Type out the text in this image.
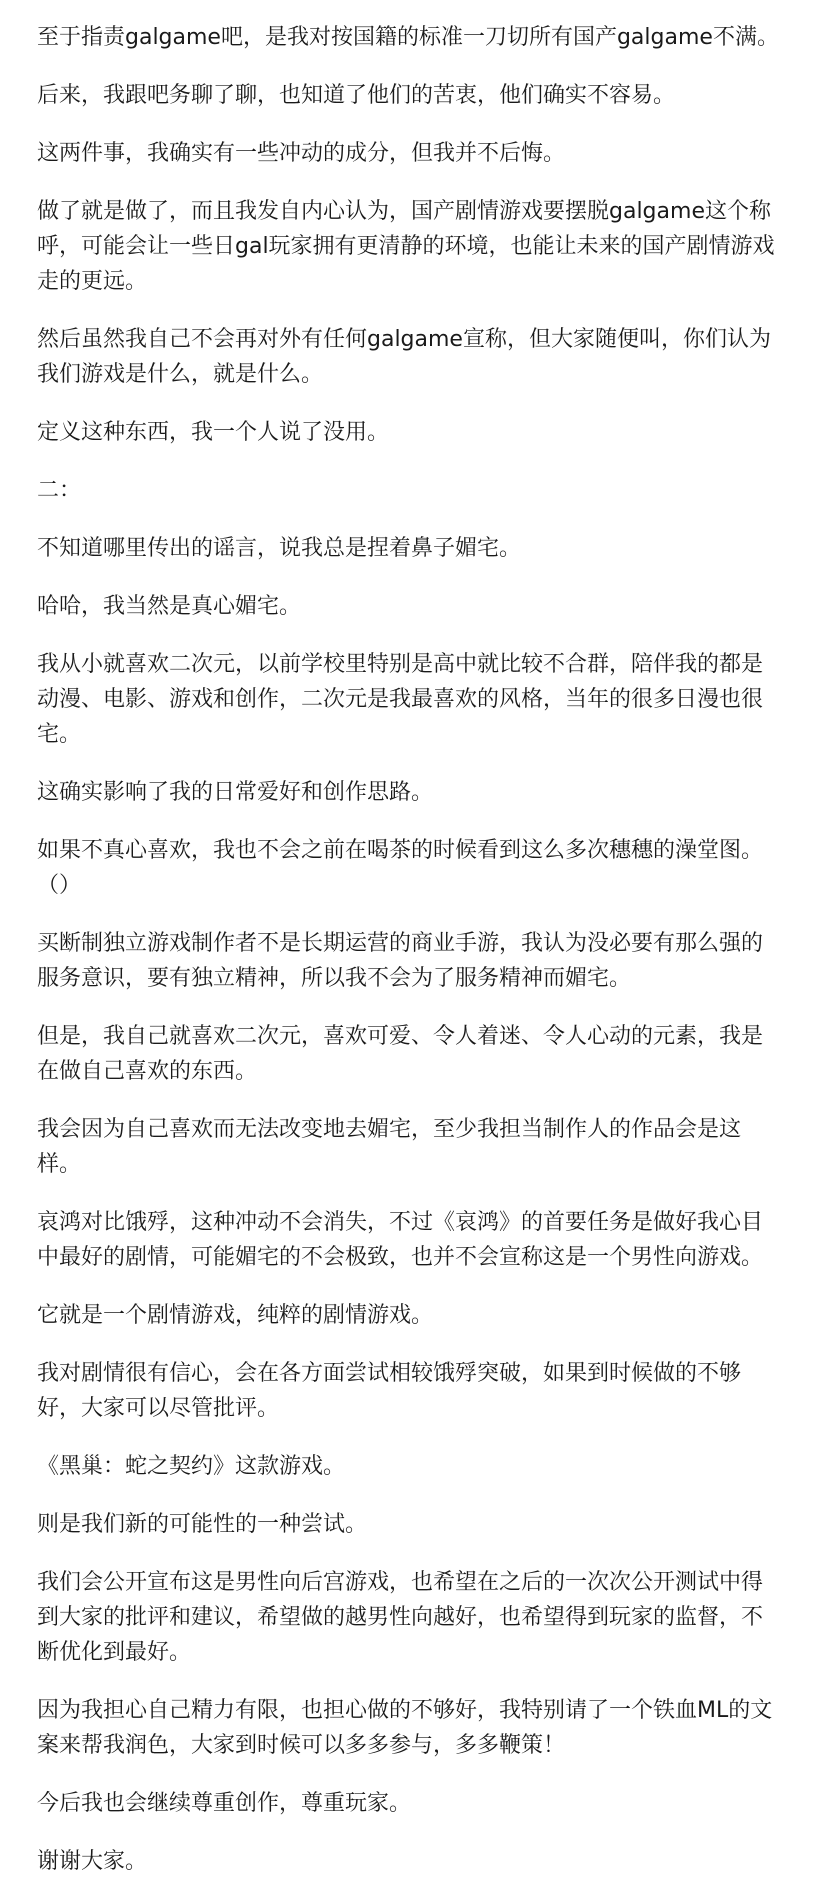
至于指责galgame吧，是我对按国籍的标准一刀切所有国产galgame不满。

后来，我跟吧务聊了聊，也知道了他们的苦衷，他们确实不容易。

这两件事，我确实有一些冲动的成分，但我并不后悔。

做了就是做了，而且我发自内心认为，国产剧情游戏要摆脱galgame这个称呼，可能会让一些日gal玩家拥有更清静的环境，也能让未来的国产剧情游戏走的更远。

然后虽然我自己不会再对外有任何galgame宣称，但大家随便叫，你们认为我们游戏是什么，就是什么。

定义这种东西，我一个人说了没用。

二：

不知道哪里传出的谣言，说我总是捏着鼻子媚宅。

哈哈，我当然是真心媚宅。

我从小就喜欢二次元，以前学校里特别是高中就比较不合群，陪伴我的都是动漫、电影、游戏和创作，二次元是我最喜欢的风格，当年的很多日漫也很宅。

这确实影响了我的日常爱好和创作思路。

如果不真心喜欢，我也不会之前在喝茶的时候看到这么多次穗穗的澡堂图。（）

买断制独立游戏制作者不是长期运营的商业手游，我认为没必要有那么强的服务意识，要有独立精神，所以我不会为了服务精神而媚宅。

但是，我自己就喜欢二次元，喜欢可爱、令人着迷、令人心动的元素，我是在做自己喜欢的东西。

我会因为自己喜欢而无法改变地去媚宅，至少我担当制作人的作品会是这样。

哀鸿对比饿殍，这种冲动不会消失，不过《哀鸿》的首要任务是做好我心目中最好的剧情，可能媚宅的不会极致，也并不会宣称这是一个男性向游戏。

它就是一个剧情游戏，纯粹的剧情游戏。

我对剧情很有信心，会在各方面尝试相较饿殍突破，如果到时候做的不够好，大家可以尽管批评。

《黑巢：蛇之契约》这款游戏。

则是我们新的可能性的一种尝试。

我们会公开宣布这是男性向后宫游戏，也希望在之后的一次次公开测试中得到大家的批评和建议，希望做的越男性向越好，也希望得到玩家的监督，不断优化到最好。

因为我担心自己精力有限，也担心做的不够好，我特别请了一个铁血ML的文案来帮我润色，大家到时候可以多多参与，多多鞭策！

今后我也会继续尊重创作，尊重玩家。

谢谢大家。
